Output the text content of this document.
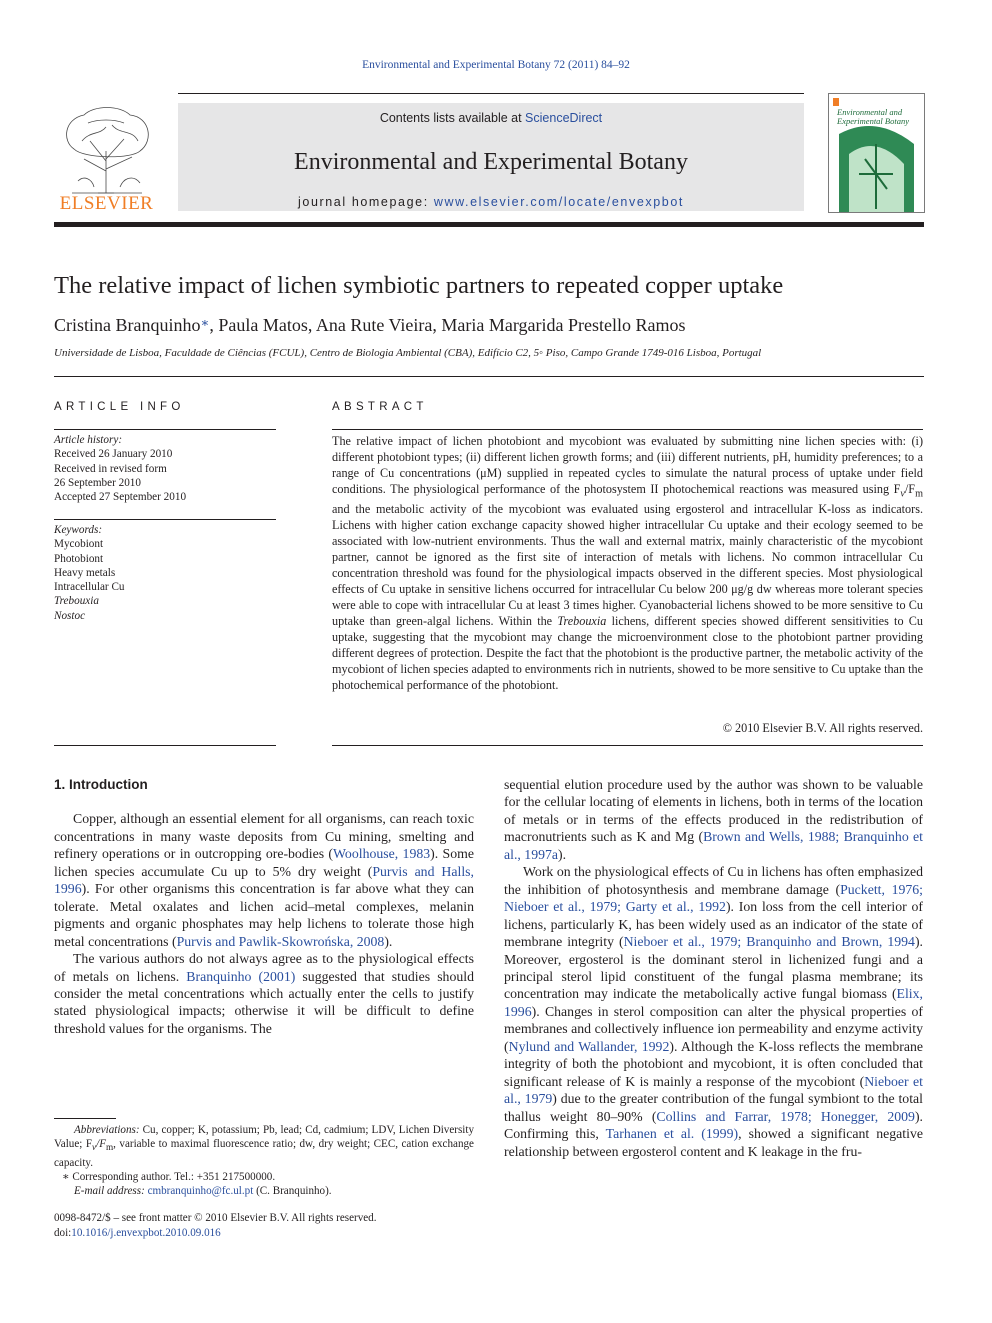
Environmental and Experimental Botany 72 (2011) 84–92
ELSEVIER
Contents lists available at ScienceDirect
Environmental and Experimental Botany
journal homepage: www.elsevier.com/locate/envexpbot
Environmental and Experimental Botany
The relative impact of lichen symbiotic partners to repeated copper uptake
Cristina Branquinho∗, Paula Matos, Ana Rute Vieira, Maria Margarida Prestello Ramos
Universidade de Lisboa, Faculdade de Ciências (FCUL), Centro de Biologia Ambiental (CBA), Edifício C2, 5◦ Piso, Campo Grande 1749-016 Lisboa, Portugal
ARTICLE INFO
Article history:
Received 26 January 2010
Received in revised form
26 September 2010
Accepted 27 September 2010
Keywords:
Mycobiont
Photobiont
Heavy metals
Intracellular Cu
Trebouxia
Nostoc
ABSTRACT
The relative impact of lichen photobiont and mycobiont was evaluated by submitting nine lichen species with: (i) different photobiont types; (ii) different lichen growth forms; and (iii) different nutrients, pH, humidity preferences; to a range of Cu concentrations (μM) supplied in repeated cycles to simulate the natural process of uptake under field conditions. The physiological performance of the photosystem II photochemical reactions was measured using $F_v/F_m$ and the metabolic activity of the mycobiont was evaluated using ergosterol and intracellular K-loss as indicators. Lichens with higher cation exchange capacity showed higher intracellular Cu uptake and their ecology seemed to be associated with low-nutrient environments. Thus the wall and external matrix, mainly characteristic of the mycobiont partner, cannot be ignored as the first site of interaction of metals with lichens. No common intracellular Cu concentration threshold was found for the physiological impacts observed in the different species. Most physiological effects of Cu uptake in sensitive lichens occurred for intracellular Cu below 200 μg/g dw whereas more tolerant species were able to cope with intracellular Cu at least 3 times higher. Cyanobacterial lichens showed to be more sensitive to Cu uptake than green-algal lichens. Within the Trebouxia lichens, different species showed different sensitivities to Cu uptake, suggesting that the mycobiont may change the microenvironment close to the photobiont partner providing different degrees of protection. Despite the fact that the photobiont is the productive partner, the metabolic activity of the mycobiont of lichen species adapted to environments rich in nutrients, showed to be more sensitive to Cu uptake than the photochemical performance of the photobiont.
© 2010 Elsevier B.V. All rights reserved.
1. Introduction

Copper, although an essential element for all organisms, can reach toxic concentrations in many waste deposits from Cu mining, smelting and refinery operations or in outcropping ore-bodies (Woolhouse, 1983). Some lichen species accumulate Cu up to 5% dry weight (Purvis and Halls, 1996). For other organisms this concentration is far above what they can tolerate. Metal oxalates and lichen acid–metal complexes, melanin pigments and organic phosphates may help lichens to tolerate those high metal concentrations (Purvis and Pawlik-Skowrońska, 2008).

The various authors do not always agree as to the physiological effects of metals on lichens. Branquinho (2001) suggested that studies should consider the metal concentrations which actually enter the cells to justify stated physiological impacts; otherwise it will be difficult to define threshold values for the organisms. The

sequential elution procedure used by the author was shown to be valuable for the cellular locating of elements in lichens, both in terms of the location of metals or in terms of the effects produced in the redistribution of macronutrients such as K and Mg (Brown and Wells, 1988; Branquinho et al., 1997a).

Work on the physiological effects of Cu in lichens has often emphasized the inhibition of photosynthesis and membrane damage (Puckett, 1976; Nieboer et al., 1979; Garty et al., 1992). Ion loss from the cell interior of lichens, particularly K, has been widely used as an indicator of the state of membrane integrity (Nieboer et al., 1979; Branquinho and Brown, 1994). Moreover, ergosterol is the dominant sterol in lichenized fungi and a principal sterol lipid constituent of the fungal plasma membrane; its concentration may indicate the metabolically active fungal biomass (Elix, 1996). Changes in sterol composition can alter the physical properties of membranes and collectively influence ion permeability and enzyme activity (Nylund and Wallander, 1992). Although the K-loss reflects the membrane integrity of both the photobiont and mycobiont, it is often concluded that significant release of K is mainly a response of the mycobiont (Nieboer et al., 1979) due to the greater contribution of the fungal symbiont to the total thallus weight 80–90% (Collins and Farrar, 1978; Honegger, 2009). Confirming this, Tarhanen et al. (1999), showed a significant negative relationship between ergosterol content and K leakage in the fru-

Abbreviations: Cu, copper; K, potassium; Pb, lead; Cd, cadmium; LDV, Lichen Diversity Value; $F_v/F_m$, variable to maximal fluorescence ratio; dw, dry weight; CEC, cation exchange capacity.
∗ Corresponding author. Tel.: +351 217500000.
E-mail address: cmbranquinho@fc.ul.pt (C. Branquinho).
0098-8472/$ – see front matter © 2010 Elsevier B.V. All rights reserved.
doi:10.1016/j.envexpbot.2010.09.016
